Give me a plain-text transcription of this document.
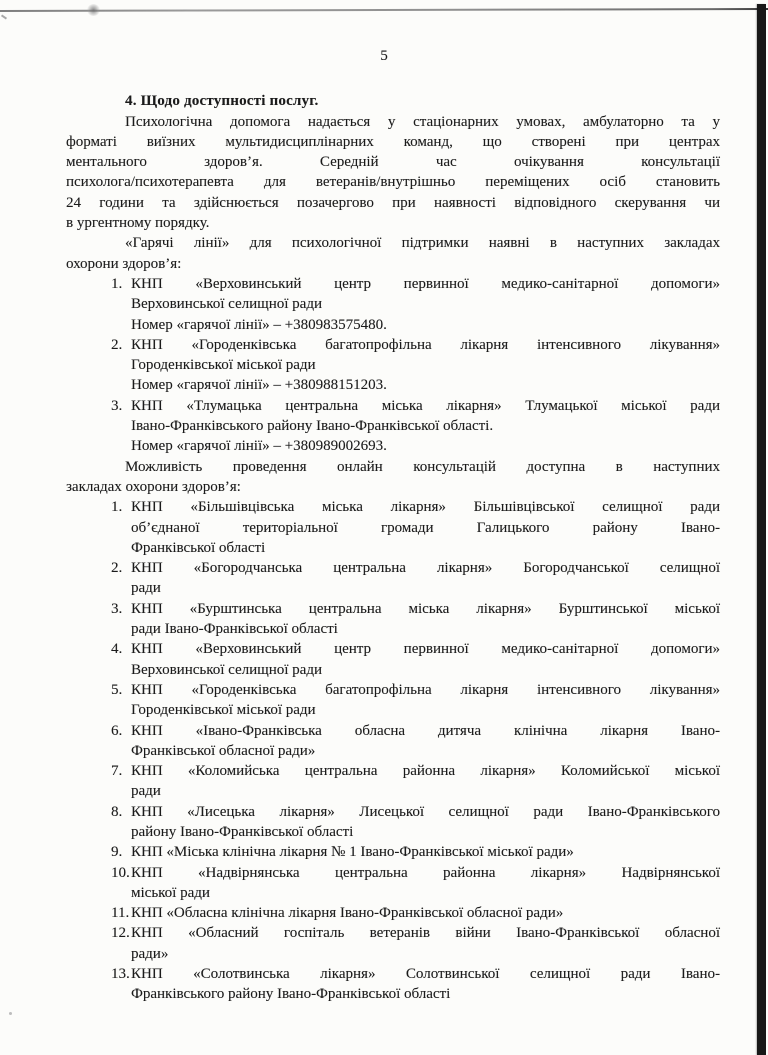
5
4. Щодо доступності послуг.
Психологічна допомога надається у стаціонарних умовах, амбулаторно та у
форматі виїзних мультидисциплінарних команд, що створені при центрах
ментального здоров’я. Середній час очікування консультації
психолога/психотерапевта для ветеранів/внутрішньо переміщених осіб становить
24 години та здійснюється позачергово при наявності відповідного скерування чи
в ургентному порядку.
«Гарячі лінії» для психологічної підтримки наявні в наступних закладах
охорони здоров’я:
1. КНП «Верховинський центр первинної медико-санітарної допомоги»
Верховинської селищної ради
Номер «гарячої лінії» – +380983575480.
2. КНП «Городенківська багатопрофільна лікарня інтенсивного лікування»
Городенківської міської ради
Номер «гарячої лінії» – +380988151203.
3. КНП «Тлумацька центральна міська лікарня» Тлумацької міської ради
Івано-Франківського району Івано-Франківської області.
Номер «гарячої лінії» – +380989002693.
Можливість проведення онлайн консультацій доступна в наступних
закладах охорони здоров’я:
1. КНП «Більшівцівська міська лікарня» Більшівцівської селищної ради
об’єднаної територіальної громади Галицького району Івано-
Франківської області
2. КНП «Богородчанська центральна лікарня» Богородчанської селищної
ради
3. КНП «Бурштинська центральна міська лікарня» Бурштинської міської
ради Івано-Франківської області
4. КНП «Верховинський центр первинної медико-санітарної допомоги»
Верховинської селищної ради
5. КНП «Городенківська багатопрофільна лікарня інтенсивного лікування»
Городенківської міської ради
6. КНП «Івано-Франківська обласна дитяча клінічна лікарня Івано-
Франківської обласної ради»
7. КНП «Коломийська центральна районна лікарня» Коломийської міської
ради
8. КНП «Лисецька лікарня» Лисецької селищної ради Івано-Франківського
району Івано-Франківської області
9. КНП «Міська клінічна лікарня № 1 Івано-Франківської міської ради»
10. КНП «Надвірнянська центральна районна лікарня» Надвірнянської
міської ради
11. КНП «Обласна клінічна лікарня Івано-Франківської обласної ради»
12. КНП «Обласний госпіталь ветеранів війни Івано-Франківської обласної
ради»
13. КНП «Солотвинська лікарня» Солотвинської селищної ради Івано-
Франківського району Івано-Франківської області
